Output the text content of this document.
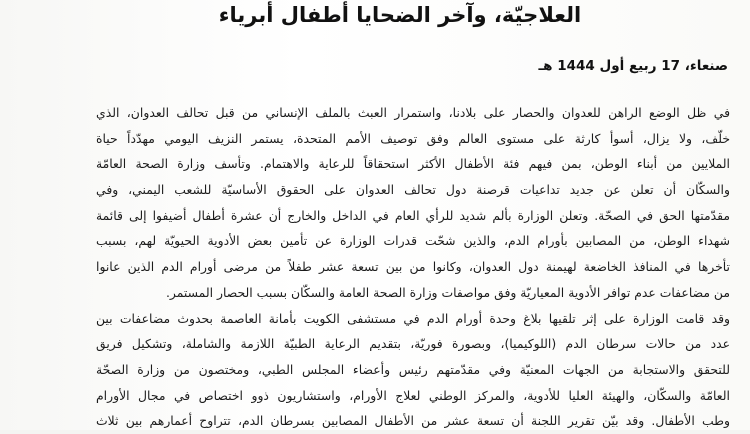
العلاجيّة، وآخر الضحايا أطفال أبرياء
صنعاء، 17 ربيع أول 1444 هـ
في ظل الوضع الراهن للعدوان والحصار على بلادنا، واستمرار العبث بالملف الإنساني من قبل تحالف العدوان، الذي
خلّف، ولا يزال، أسوأ كارثة على مستوى العالم وفق توصيف الأمم المتحدة، يستمر النزيف اليومي مهدّداً حياة
الملايين من أبناء الوطن، بمن فيهم فئة الأطفال الأكثر استحقاقاً للرعاية والاهتمام. وتأسف وزارة الصحة العامّة
والسكّان أن تعلن عن جديد تداعيات قرصنة دول تحالف العدوان على الحقوق الأساسيّة للشعب اليمني، وفي
مقدّمتها الحق في الصحّة. وتعلن الوزارة بألم شديد للرأي العام في الداخل والخارج أن عشرة أطفال أضيفوا إلى قائمة
شهداء الوطن، من المصابين بأورام الدم، والذين شحّت قدرات الوزارة عن تأمين بعض الأدوية الحيويّة لهم، بسبب
تأخرها في المنافذ الخاضعة لهيمنة دول العدوان، وكانوا من بين تسعة عشر طفلاً من مرضى أورام الدم الذين عانوا
من مضاعفات عدم توافر الأدوية المعياريّة وفق مواصفات وزارة الصحة العامة والسكّان بسبب الحصار المستمر.
وقد قامت الوزارة على إثر تلقيها بلاغ وحدة أورام الدم في مستشفى الكويت بأمانة العاصمة بحدوث مضاعفات بين
عدد من حالات سرطان الدم (اللوكيميا)، وبصورة فوريّة، بتقديم الرعاية الطبيّة اللازمة والشاملة، وتشكيل فريق
للتحقق والاستجابة من الجهات المعنيّة وفي مقدّمتهم رئيس وأعضاء المجلس الطبي، ومختصون من وزارة الصحّة
العامّة والسكّان، والهيئة العليا للأدوية، والمركز الوطني لعلاج الأورام، واستشاريون ذوو اختصاص في مجال الأورام
وطب الأطفال. وقد بيّن تقرير اللجنة أن تسعة عشر من الأطفال المصابين بسرطان الدم، تتراوح أعمارهم بين ثلاث
